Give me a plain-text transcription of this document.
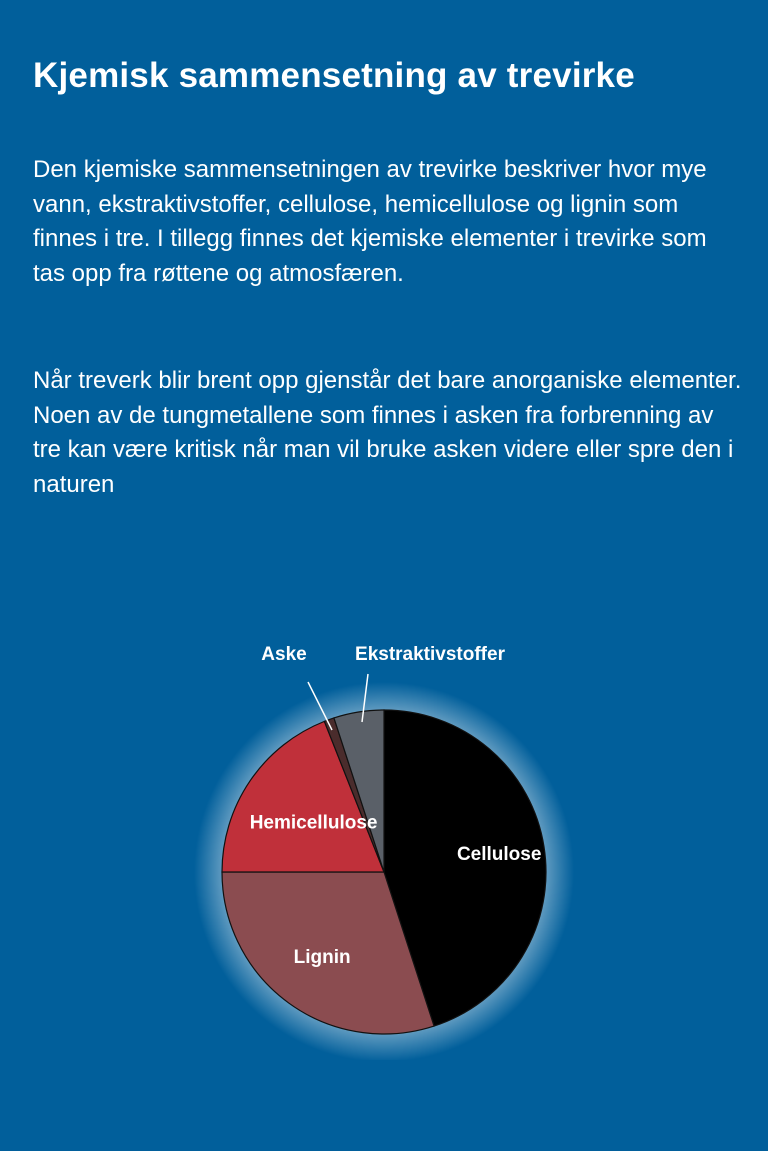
Kjemisk sammensetning av trevirke

Den kjemiske sammensetningen av trevirke beskriver hvor mye vann, ekstraktivstoffer, cellulose, hemicellulose og lignin som finnes i tre. I tillegg finnes det kjemiske elementer i trevirke som tas opp fra røttene og atmosfæren.

Når treverk blir brent opp gjenstår det bare anorganiske elementer. Noen av de tungmetallene som finnes i asken fra forbrenning av tre kan være kritisk når man vil bruke asken videre eller spre den i naturen

Cellulose
Lignin
Hemicellulose
Aske	Ekstraktivstoffer
